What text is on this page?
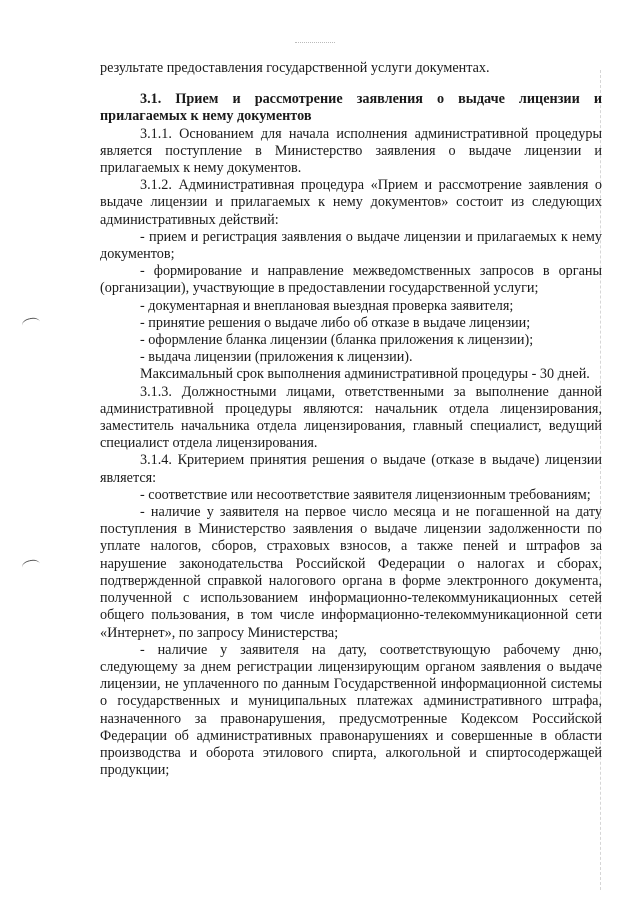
результате предоставления государственной услуги документах.

3.1. Прием и рассмотрение заявления о выдаче лицензии и прилагаемых к нему документов

3.1.1. Основанием для начала исполнения административной процедуры является поступление в Министерство заявления о выдаче лицензии и прилагаемых к нему документов.

3.1.2. Административная процедура «Прием и рассмотрение заявления о выдаче лицензии и прилагаемых к нему документов» состоит из следующих административных действий:

- прием и регистрация заявления о выдаче лицензии и прилагаемых к нему документов;

- формирование и направление межведомственных запросов в органы (организации), участвующие в предоставлении государственной услуги;

- документарная и внеплановая выездная проверка заявителя;

- принятие решения о выдаче либо об отказе в выдаче лицензии;

- оформление бланка лицензии (бланка приложения к лицензии);

- выдача лицензии (приложения к лицензии).

Максимальный срок выполнения административной процедуры - 30 дней.

3.1.3. Должностными лицами, ответственными за выполнение данной административной процедуры являются: начальник отдела лицензирования, заместитель начальника отдела лицензирования, главный специалист, ведущий специалист отдела лицензирования.

3.1.4. Критерием принятия решения о выдаче (отказе в выдаче) лицензии является:

- соответствие или несоответствие заявителя лицензионным требованиям;

- наличие у заявителя на первое число месяца и не погашенной на дату поступления в Министерство заявления о выдаче лицензии задолженности по уплате налогов, сборов, страховых взносов, а также пеней и штрафов за нарушение законодательства Российской Федерации о налогах и сборах, подтвержденной справкой налогового органа в форме электронного документа, полученной с использованием информационно-телекоммуникационных сетей общего пользования, в том числе информационно-телекоммуникационной сети «Интернет», по запросу Министерства;

- наличие у заявителя на дату, соответствующую рабочему дню, следующему за днем регистрации лицензирующим органом заявления о выдаче лицензии, не уплаченного по данным Государственной информационной системы о государственных и муниципальных платежах административного штрафа, назначенного за правонарушения, предусмотренные Кодексом Российской Федерации об административных правонарушениях и совершенные в области производства и оборота этилового спирта, алкогольной и спиртосодержащей продукции;
